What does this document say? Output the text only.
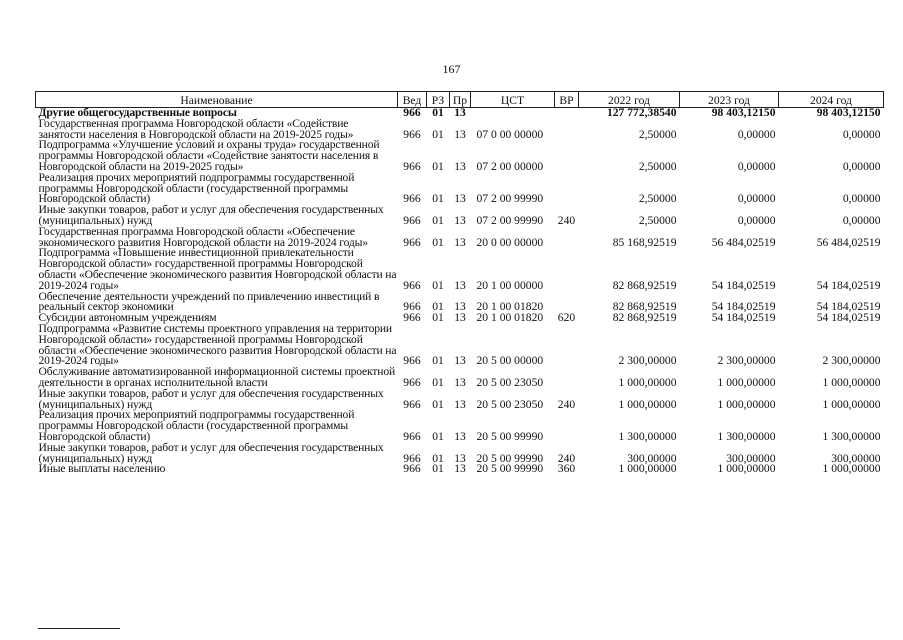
167
Наименование	Вед	РЗ	Пр	ЦСТ	ВР	2022 год	2023 год	2024 год
Другие общегосударственные вопросы	966	01	13			127 772,38540	98 403,12150	98 403,12150
Государственная программа Новгородской области «Содействие занятости населения в Новгородской области на 2019-2025 годы»	966	01	13	07 0 00 00000		2,50000	0,00000	0,00000
Подпрограмма «Улучшение условий и охраны труда» государственной программы Новгородской области «Содействие занятости населения в Новгородской области на 2019-2025 годы»	966	01	13	07 2 00 00000		2,50000	0,00000	0,00000
Реализация прочих мероприятий подпрограммы государственной программы Новгородской области (государственной программы Новгородской области)	966	01	13	07 2 00 99990		2,50000	0,00000	0,00000
Иные закупки товаров, работ и услуг для обеспечения государственных (муниципальных) нужд	966	01	13	07 2 00 99990	240	2,50000	0,00000	0,00000
Государственная программа Новгородской области «Обеспечение экономического развития Новгородской области на 2019-2024 годы»	966	01	13	20 0 00 00000		85 168,92519	56 484,02519	56 484,02519
Подпрограмма «Повышение инвестиционной привлекательности Новгородской области» государственной программы Новгородской области «Обеспечение экономического развития Новгородской области на 2019-2024 годы»	966	01	13	20 1 00 00000		82 868,92519	54 184,02519	54 184,02519
Обеспечение деятельности учреждений по привлечению инвестиций в реальный сектор экономики	966	01	13	20 1 00 01820		82 868,92519	54 184,02519	54 184,02519
Субсидии автономным учреждениям	966	01	13	20 1 00 01820	620	82 868,92519	54 184,02519	54 184,02519
Подпрограмма «Развитие системы проектного управления на территории Новгородской области» государственной программы Новгородской области «Обеспечение экономического развития Новгородской области на 2019-2024 годы»	966	01	13	20 5 00 00000		2 300,00000	2 300,00000	2 300,00000
Обслуживание автоматизированной информационной системы проектной деятельности в органах исполнительной власти	966	01	13	20 5 00 23050		1 000,00000	1 000,00000	1 000,00000
Иные закупки товаров, работ и услуг для обеспечения государственных (муниципальных) нужд	966	01	13	20 5 00 23050	240	1 000,00000	1 000,00000	1 000,00000
Реализация прочих мероприятий подпрограммы государственной программы Новгородской области (государственной программы Новгородской области)	966	01	13	20 5 00 99990		1 300,00000	1 300,00000	1 300,00000
Иные закупки товаров, работ и услуг для обеспечения государственных (муниципальных) нужд	966	01	13	20 5 00 99990	240	300,00000	300,00000	300,00000
Иные выплаты населению	966	01	13	20 5 00 99990	360	1 000,00000	1 000,00000	1 000,00000
